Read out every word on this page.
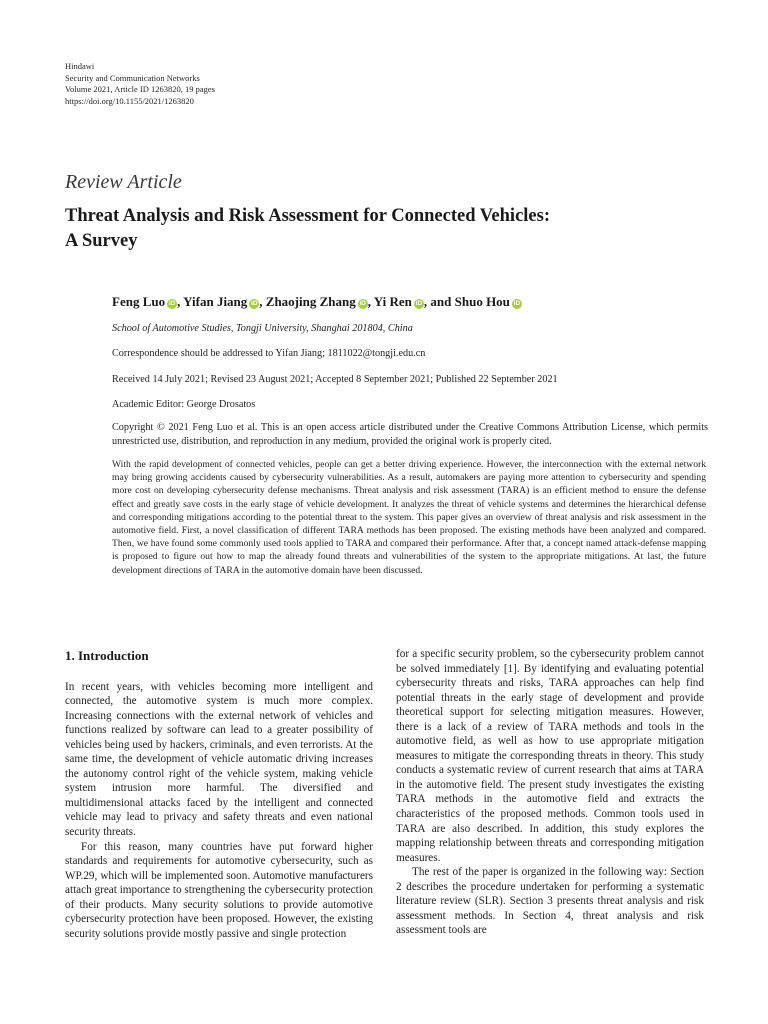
Hindawi
Security and Communication Networks
Volume 2021, Article ID 1263820, 19 pages
https://doi.org/10.1155/2021/1263820
Review Article
Threat Analysis and Risk Assessment for Connected Vehicles:
A Survey
Feng Luo iD , Yifan Jiang iD , Zhaojing Zhang iD , Yi Ren iD , and Shuo Hou iD
School of Automotive Studies, Tongji University, Shanghai 201804, China
Correspondence should be addressed to Yifan Jiang; 1811022@tongji.edu.cn
Received 14 July 2021; Revised 23 August 2021; Accepted 8 September 2021; Published 22 September 2021
Academic Editor: George Drosatos
Copyright © 2021 Feng Luo et al. This is an open access article distributed under the Creative Commons Attribution License, which permits unrestricted use, distribution, and reproduction in any medium, provided the original work is properly cited.
With the rapid development of connected vehicles, people can get a better driving experience. However, the interconnection with the external network may bring growing accidents caused by cybersecurity vulnerabilities. As a result, automakers are paying more attention to cybersecurity and spending more cost on developing cybersecurity defense mechanisms. Threat analysis and risk assessment (TARA) is an efficient method to ensure the defense effect and greatly save costs in the early stage of vehicle development. It analyzes the threat of vehicle systems and determines the hierarchical defense and corresponding mitigations according to the potential threat to the system. This paper gives an overview of threat analysis and risk assessment in the automotive field. First, a novel classification of different TARA methods has been proposed. The existing methods have been analyzed and compared. Then, we have found some commonly used tools applied to TARA and compared their performance. After that, a concept named attack-defense mapping is proposed to figure out how to map the already found threats and vulnerabilities of the system to the appropriate mitigations. At last, the future development directions of TARA in the automotive domain have been discussed.
1. Introduction

In recent years, with vehicles becoming more intelligent and connected, the automotive system is much more complex. Increasing connections with the external network of vehicles and functions realized by software can lead to a greater possibility of vehicles being used by hackers, criminals, and even terrorists. At the same time, the development of vehicle automatic driving increases the autonomy control right of the vehicle system, making vehicle system intrusion more harmful. The diversified and multidimensional attacks faced by the intelligent and connected vehicle may lead to privacy and safety threats and even national security threats.

For this reason, many countries have put forward higher standards and requirements for automotive cybersecurity, such as WP.29, which will be implemented soon. Automotive manufacturers attach great importance to strengthening the cybersecurity protection of their products. Many security solutions to provide automotive cybersecurity protection have been proposed. However, the existing security solutions provide mostly passive and single protection

for a specific security problem, so the cybersecurity problem cannot be solved immediately [1]. By identifying and evaluating potential cybersecurity threats and risks, TARA approaches can help find potential threats in the early stage of development and provide theoretical support for selecting mitigation measures. However, there is a lack of a review of TARA methods and tools in the automotive field, as well as how to use appropriate mitigation measures to mitigate the corresponding threats in theory. This study conducts a systematic review of current research that aims at TARA in the automotive field. The present study investigates the existing TARA methods in the automotive field and extracts the characteristics of the proposed methods. Common tools used in TARA are also described. In addition, this study explores the mapping relationship between threats and corresponding mitigation measures.

The rest of the paper is organized in the following way: Section 2 describes the procedure undertaken for performing a systematic literature review (SLR). Section 3 presents threat analysis and risk assessment methods. In Section 4, threat analysis and risk assessment tools are
